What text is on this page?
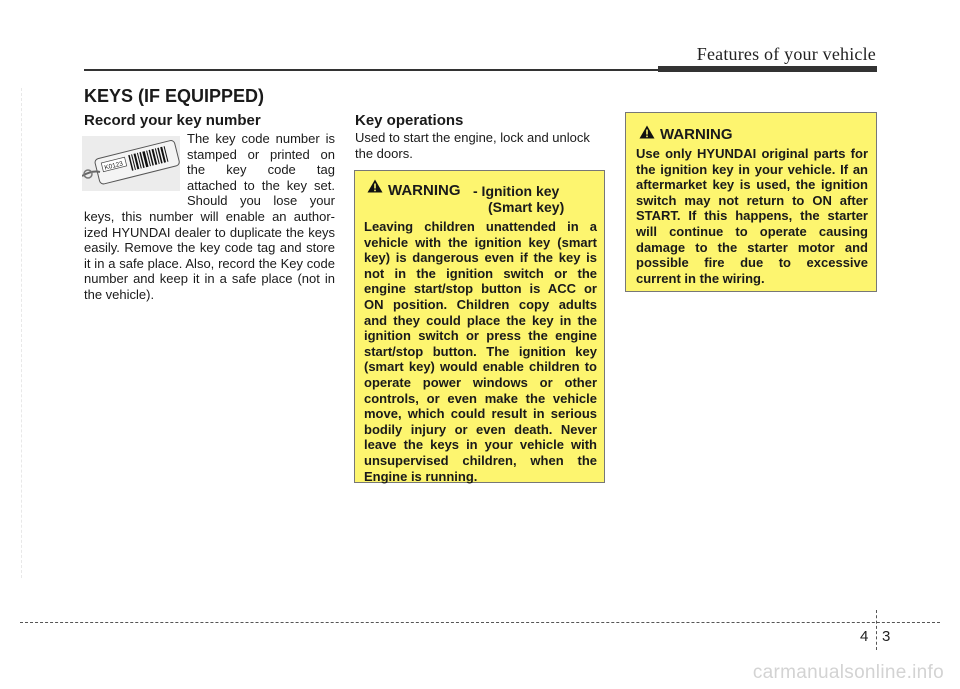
Features of your vehicle
KEYS (IF EQUIPPED)
Record your key number
K0123
The key code number is
stamped or printed on
the key code tag
attached to the key set.
Should you lose your
keys, this number will enable an author-ized HYUNDAI dealer to duplicate the keys easily. Remove the key code tag and store it in a safe place. Also, record the Key code number and keep it in a safe place (not in the vehicle).
Key operations
Used to start the engine, lock and unlock the doors.
WARNING - Ignition key
(Smart key)
Leaving children unattended in a vehicle with the ignition key (smart key) is dangerous even if the key is not in the ignition switch or the engine start/stop button is ACC or ON position. Children copy adults and they could place the key in the ignition switch or press the engine start/stop button. The ignition key (smart key) would enable children to operate power windows or other controls, or even make the vehicle move, which could result in serious bodily injury or even death. Never leave the keys in your vehicle with unsupervised children, when the Engine is running.
WARNING
Use only HYUNDAI original parts for the ignition key in your vehicle. If an aftermarket key is used, the ignition switch may not return to ON after START. If this happens, the starter will continue to operate causing damage to the starter motor and possible fire due to excessive current in the wiring.
4 3
carmanualsonline.info
